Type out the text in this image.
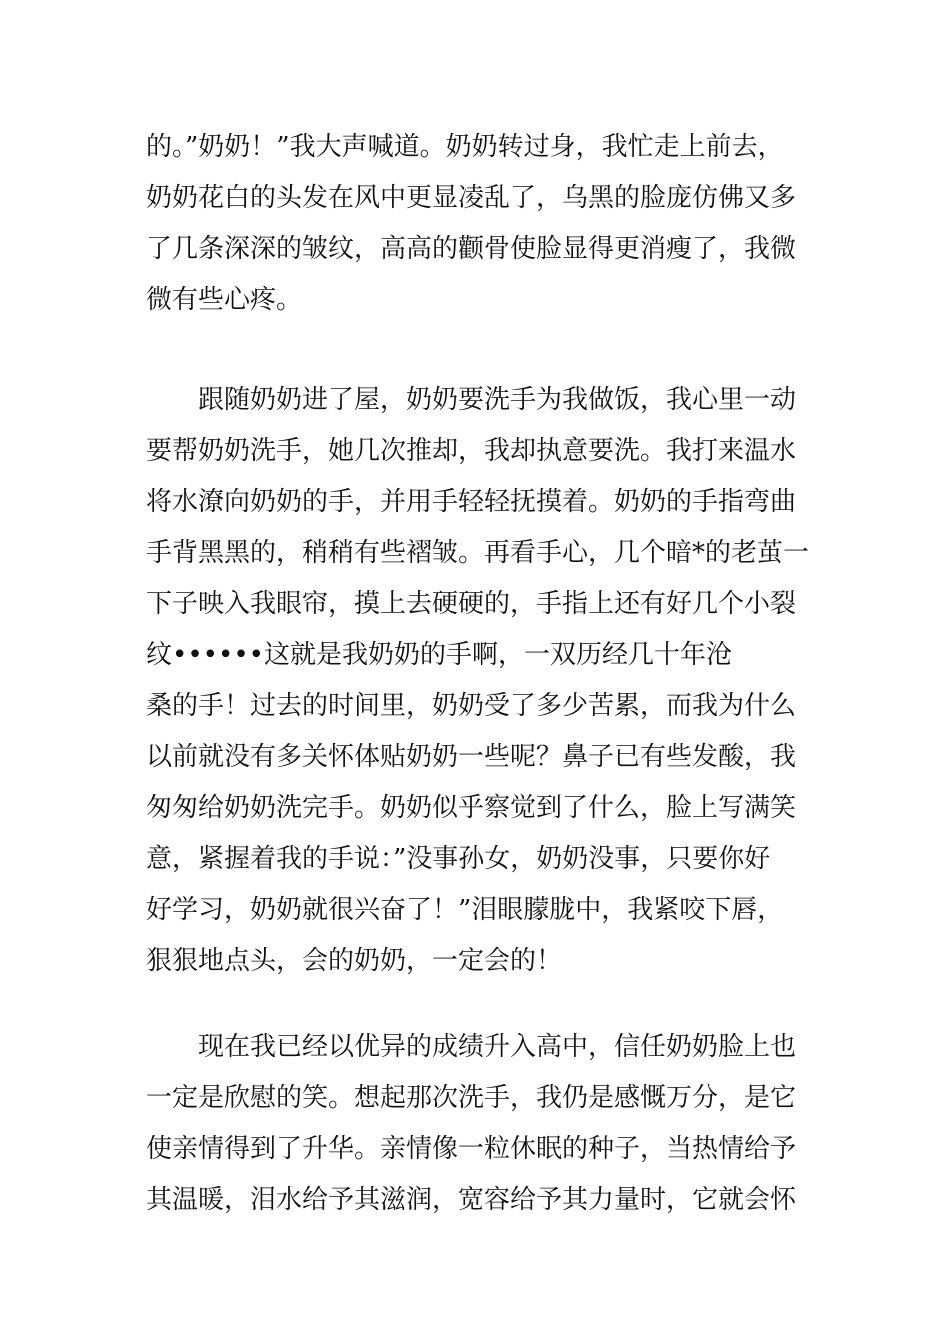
的。”奶奶！”我大声喊道。奶奶转过身，我忙走上前去，
奶奶花白的头发在风中更显凌乱了，乌黑的脸庞仿佛又多
了几条深深的皱纹，高高的颧骨使脸显得更消瘦了，我微
微有些心疼。
跟随奶奶进了屋，奶奶要洗手为我做饭，我心里一动
要帮奶奶洗手，她几次推却，我却执意要洗。我打来温水
将水潦向奶奶的手，并用手轻轻抚摸着。奶奶的手指弯曲
手背黑黑的，稍稍有些褶皱。再看手心，几个暗*的老茧一
下子映入我眼帘，摸上去硬硬的，手指上还有好几个小裂
纹••••••这就是我奶奶的手啊，一双历经几十年沧
桑的手！过去的时间里，奶奶受了多少苦累，而我为什么
以前就没有多关怀体贴奶奶一些呢？鼻子已有些发酸，我
匆匆给奶奶洗完手。奶奶似乎察觉到了什么，脸上写满笑
意，紧握着我的手说：”没事孙女，奶奶没事，只要你好
好学习，奶奶就很兴奋了！”泪眼朦胧中，我紧咬下唇，
狠狠地点头，会的奶奶，一定会的！
现在我已经以优异的成绩升入高中，信任奶奶脸上也
一定是欣慰的笑。想起那次洗手，我仍是感慨万分，是它
使亲情得到了升华。亲情像一粒休眠的种子，当热情给予
其温暖，泪水给予其滋润，宽容给予其力量时，它就会怀
